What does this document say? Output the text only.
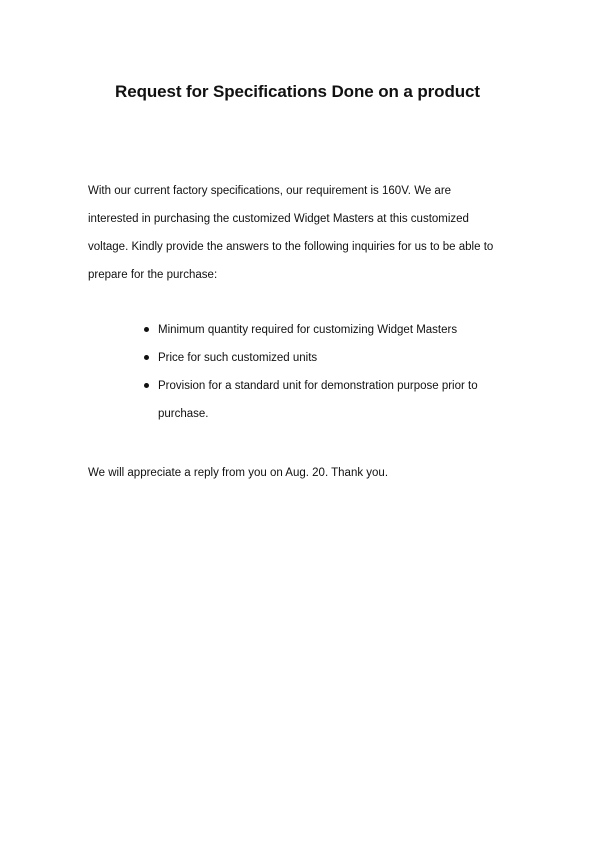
Request for Specifications Done on a product

With our current factory specifications, our requirement is 160V. We are
interested in purchasing the customized Widget Masters at this customized
voltage. Kindly provide the answers to the following inquiries for us to be able to
prepare for the purchase:

Minimum quantity required for customizing Widget Masters
Price for such customized units
Provision for a standard unit for demonstration purpose prior to
purchase.

We will appreciate a reply from you on Aug. 20. Thank you.
